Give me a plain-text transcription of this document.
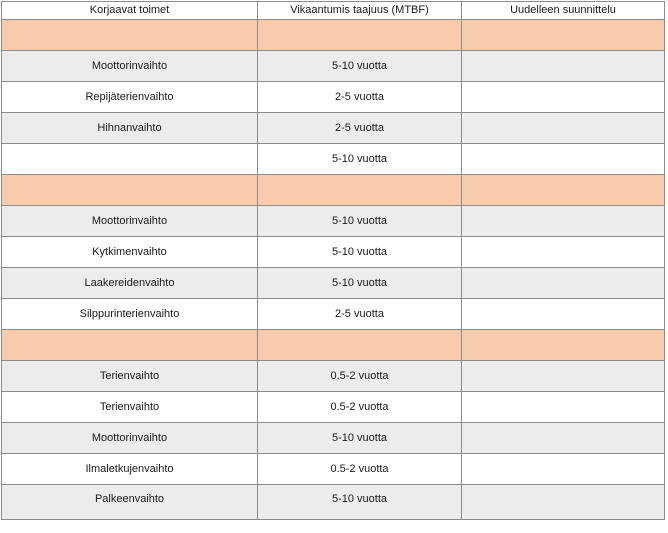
Korjaavat toimet	Vikaantumis taajuus (MTBF)	Uudelleen suunnittelu

Moottorinvaihto	5-10 vuotta	
Repijäterienvaihto	2-5 vuotta	
Hihnanvaihto	2-5 vuotta	
	5-10 vuotta	

Moottorinvaihto	5-10 vuotta	
Kytkimenvaihto	5-10 vuotta	
Laakereidenvaihto	5-10 vuotta	
Silppurinterienvaihto	2-5 vuotta	

Terienvaihto	0.5-2 vuotta	
Terienvaihto	0.5-2 vuotta	
Moottorinvaihto	5-10 vuotta	
Ilmaletkujenvaihto	0.5-2 vuotta	
Palkeenvaihto	5-10 vuotta	
